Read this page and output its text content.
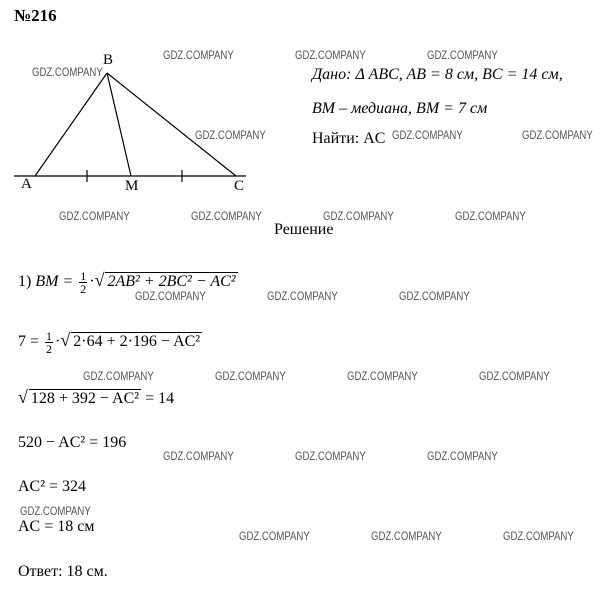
№216
A
B
C
M
Дано: Δ ABC, AB = 8 см, BC = 14 см,
BM – медиана, BM = 7 см
Найти: AC
Решение
1) BM = $\frac{1}{2}$ ·√ 2AB² + 2BC² − AC²
$7 = \frac{1}{2}$ ·√ 2·64 + 2·196 − AC²
√ 128 + 392 − AC² = 14
520 − AC² = 196
AC² = 324
AC = 18 см
Ответ: 18 см.
GDZ.COMPANY
GDZ.COMPANY	GDZ.COMPANY	GDZ.COMPANY
GDZ.COMPANY	GDZ.COMPANY	GDZ.COMPANY
GDZ.COMPANY	GDZ.COMPANY	GDZ.COMPANY	GDZ.COMPANY
GDZ.COMPANY	GDZ.COMPANY	GDZ.COMPANY
GDZ.COMPANY	GDZ.COMPANY	GDZ.COMPANY	GDZ.COMPANY
GDZ.COMPANY	GDZ.COMPANY	GDZ.COMPANY
GDZ.COMPANY
GDZ.COMPANY	GDZ.COMPANY	GDZ.COMPANY
